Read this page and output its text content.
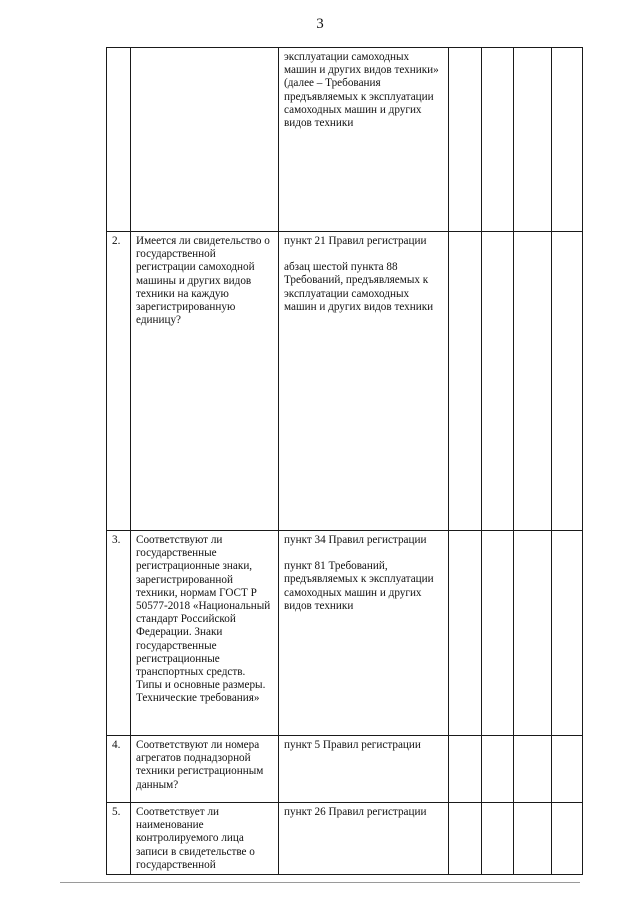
3

		эксплуатации самоходных машин и других видов техники» (далее – Требования предъявляемых к эксплуатации самоходных машин и других видов техники				

2.	Имеется ли свидетельство о государственной регистрации самоходной машины и других видов техники на каждую зарегистрированную единицу?	пункт 21 Правил регистрации
абзац шестой пункта 88 Требований, предъявляемых к эксплуатации самоходных машин и других видов техники				

3.	Соответствуют ли государственные регистрационные знаки, зарегистрированной техники, нормам ГОСТ Р 50577-2018 «Национальный стандарт Российской Федерации. Знаки государственные регистрационные транспортных средств. Типы и основные размеры. Технические требования»	пункт 34 Правил регистрации
пункт 81 Требований, предъявляемых к эксплуатации самоходных машин и других видов техники				

4.	Соответствуют ли номера агрегатов поднадзорной техники регистрационным данным?	пункт 5 Правил регистрации				

5.	Соответствует ли наименование контролируемого лица записи в свидетельстве о государственной	пункт 26 Правил регистрации				
